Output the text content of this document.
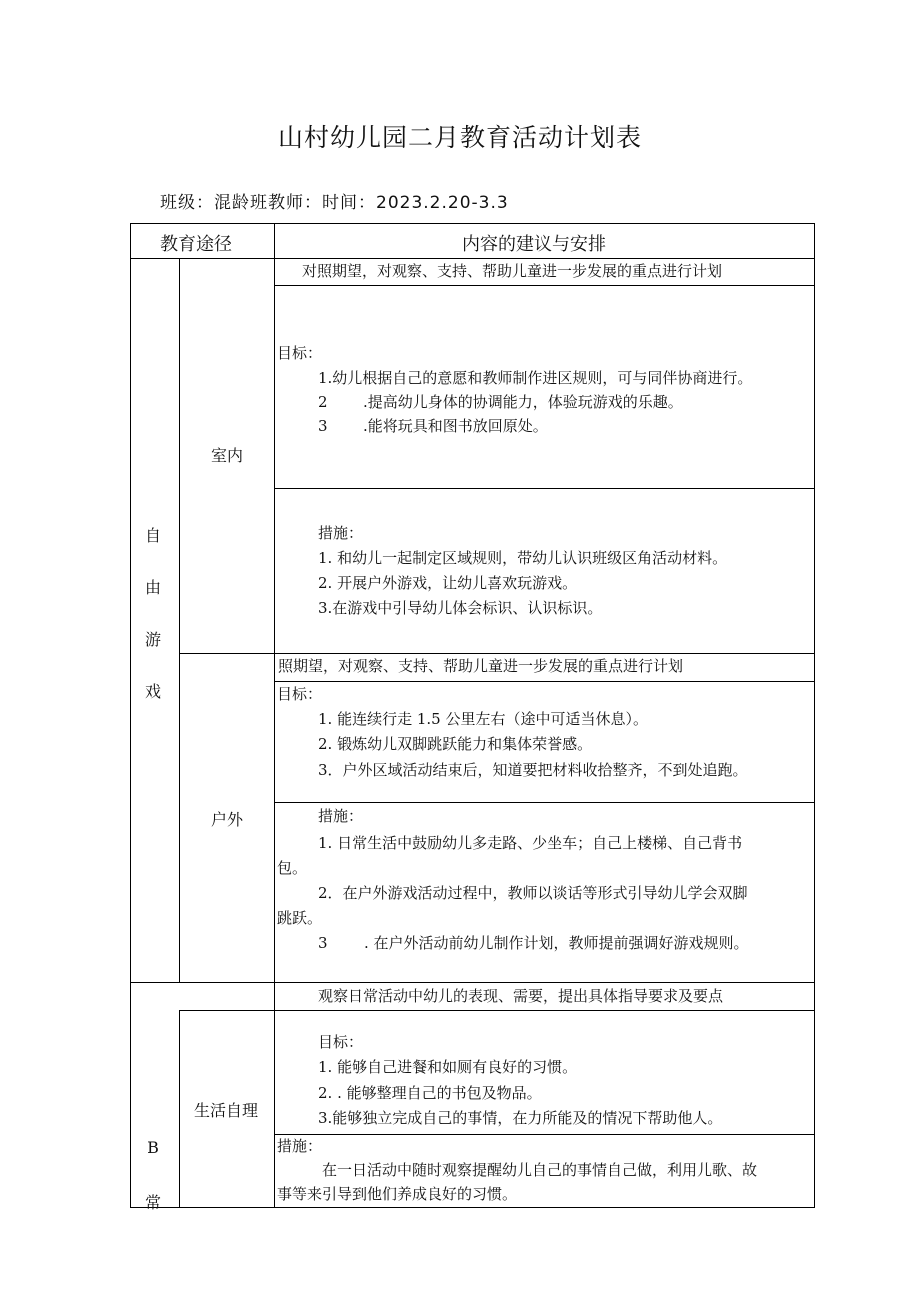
山村幼儿园二月教育活动计划表
班级：混龄班教师：时间：2023.2.20-3.3
教育途径	内容的建议与安排
自
由
游
戏
室内
对照期望，对观察、支持、帮助儿童进一步发展的重点进行计划
目标：
1.幼儿根据自己的意愿和教师制作进区规则，可与同伴协商进行。
2 .提高幼儿身体的协调能力，体验玩游戏的乐趣。
3 .能将玩具和图书放回原处。
措施：
1. 和幼儿一起制定区域规则，带幼儿认识班级区角活动材料。
2. 开展户外游戏，让幼儿喜欢玩游戏。
3.在游戏中引导幼儿体会标识、认识标识。
户外
照期望，对观察、支持、帮助儿童进一步发展的重点进行计划
目标：
1. 能连续行走 1.5 公里左右（途中可适当休息）。
2. 锻炼幼儿双脚跳跃能力和集体荣誉感。
3．户外区域活动结束后，知道要把材料收拾整齐，不到处追跑。
措施：
1. 日常生活中鼓励幼儿多走路、少坐车；自己上楼梯、自己背书
包。
2．在户外游戏活动过程中，教师以谈话等形式引导幼儿学会双脚
跳跃。
3 . 在户外活动前幼儿制作计划，教师提前强调好游戏规则。
B
常
观察日常活动中幼儿的表现、需要，提出具体指导要求及要点
生活自理
目标：
1. 能够自己进餐和如厕有良好的习惯。
2. . 能够整理自己的书包及物品。
3.能够独立完成自己的事情，在力所能及的情况下帮助他人。
措施：
在一日活动中随时观察提醒幼儿自己的事情自己做，利用儿歌、故
事等来引导到他们养成良好的习惯。
